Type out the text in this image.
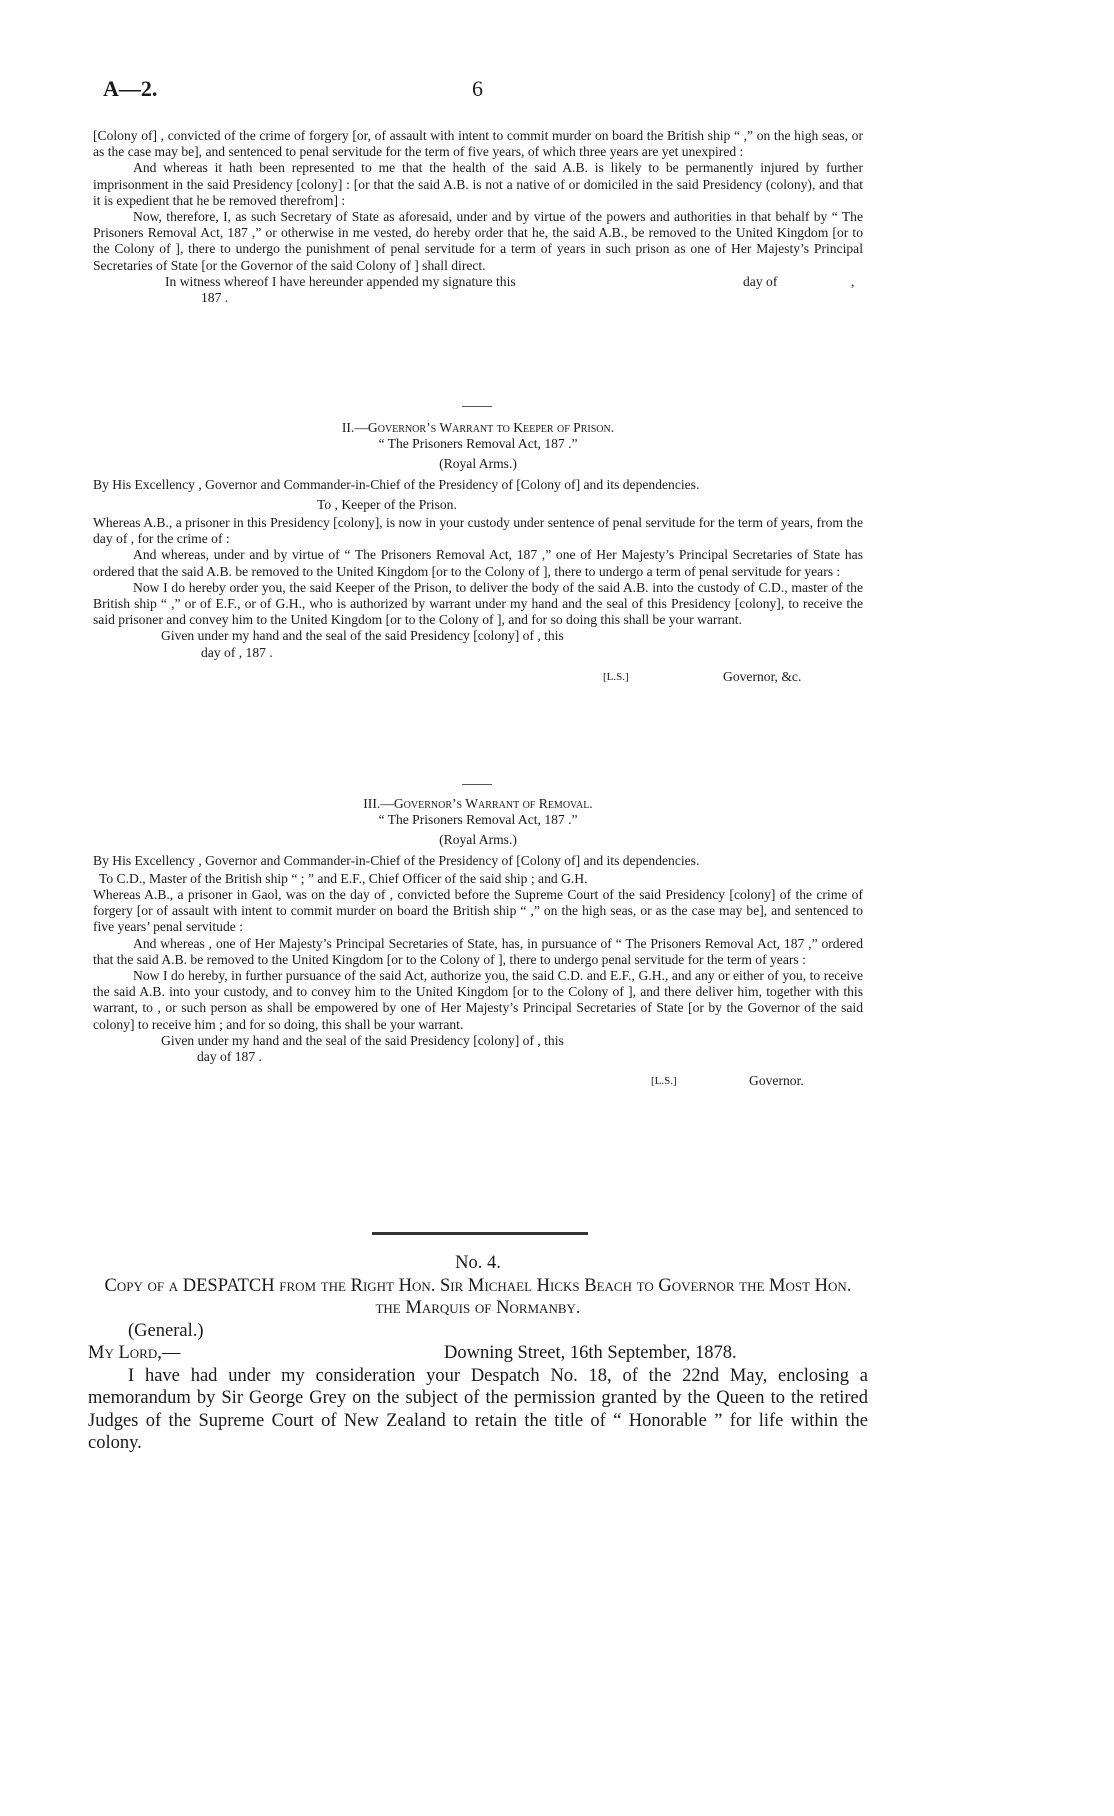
A—2.	6

[Colony of] , convicted of the crime of forgery [or, of assault with intent to commit murder on board the British ship “ ,” on the high seas, or as the case may be], and sentenced to penal servitude for the term of five years, of which three years are yet unexpired :

And whereas it hath been represented to me that the health of the said A.B. is likely to be permanently injured by further imprisonment in the said Presidency [colony] : [or that the said A.B. is not a native of or domiciled in the said Presidency (colony), and that it is expedient that he be removed therefrom] :

Now, therefore, I, as such Secretary of State as aforesaid, under and by virtue of the powers and authorities in that behalf by “ The Prisoners Removal Act, 187 ,” or otherwise in me vested, do hereby order that he, the said A.B., be removed to the United Kingdom [or to the Colony of ], there to undergo the punishment of penal servitude for a term of years in such prison as one of Her Majesty’s Principal Secretaries of State [or the Governor of the said Colony of ] shall direct.

In witness whereof I have hereunder appended my signature this	day of	,
187 .

II.—Governor’s Warrant to Keeper of Prison.

“ The Prisoners Removal Act, 187 .”

(Royal Arms.)

By His Excellency , Governor and Commander-in-Chief of the Presidency of [Colony of] and its dependencies.

To , Keeper of the Prison.

Whereas A.B., a prisoner in this Presidency [colony], is now in your custody under sentence of penal servitude for the term of years, from the day of , for the crime of :

And whereas, under and by virtue of “ The Prisoners Removal Act, 187 ,” one of Her Majesty’s Principal Secretaries of State has ordered that the said A.B. be removed to the United Kingdom [or to the Colony of ], there to undergo a term of penal servitude for years :

Now I do hereby order you, the said Keeper of the Prison, to deliver the body of the said A.B. into the custody of C.D., master of the British ship “ ,” or of E.F., or of G.H., who is authorized by warrant under my hand and the seal of this Presidency [colony], to receive the said prisoner and convey him to the United Kingdom [or to the Colony of ], and for so doing this shall be your warrant.

Given under my hand and the seal of the said Presidency [colony] of , this

day of , 187 .

[L.S.]	Governor, &c.

III.—Governor’s Warrant of Removal.

“ The Prisoners Removal Act, 187 .”

(Royal Arms.)

By His Excellency , Governor and Commander-in-Chief of the Presidency of [Colony of] and its dependencies.

To C.D., Master of the British ship “ ; ” and E.F., Chief Officer of the said ship ; and G.H.

Whereas A.B., a prisoner in Gaol, was on the day of , convicted before the Supreme Court of the said Presidency [colony] of the crime of forgery [or of assault with intent to commit murder on board the British ship “ ,” on the high seas, or as the case may be], and sentenced to five years’ penal servitude :

And whereas , one of Her Majesty’s Principal Secretaries of State, has, in pursuance of “ The Prisoners Removal Act, 187 ,” ordered that the said A.B. be removed to the United Kingdom [or to the Colony of ], there to undergo penal servitude for the term of years :

Now I do hereby, in further pursuance of the said Act, authorize you, the said C.D. and E.F., G.H., and any or either of you, to receive the said A.B. into your custody, and to convey him to the United Kingdom [or to the Colony of ], and there deliver him, together with this warrant, to , or such person as shall be empowered by one of Her Majesty’s Principal Secretaries of State [or by the Governor of the said colony] to receive him ; and for so doing, this shall be your warrant.

Given under my hand and the seal of the said Presidency [colony] of , this

day of 187 .

[L.S.]	Governor.

No. 4.

Copy of a DESPATCH from the Right Hon. Sir Michael Hicks Beach to Governor the Most Hon. the Marquis of Normanby.

(General.)

My Lord,—	Downing Street, 16th September, 1878.

I have had under my consideration your Despatch No. 18, of the 22nd May, enclosing a memorandum by Sir George Grey on the subject of the permission granted by the Queen to the retired Judges of the Supreme Court of New Zealand to retain the title of “ Honorable ” for life within the colony.
